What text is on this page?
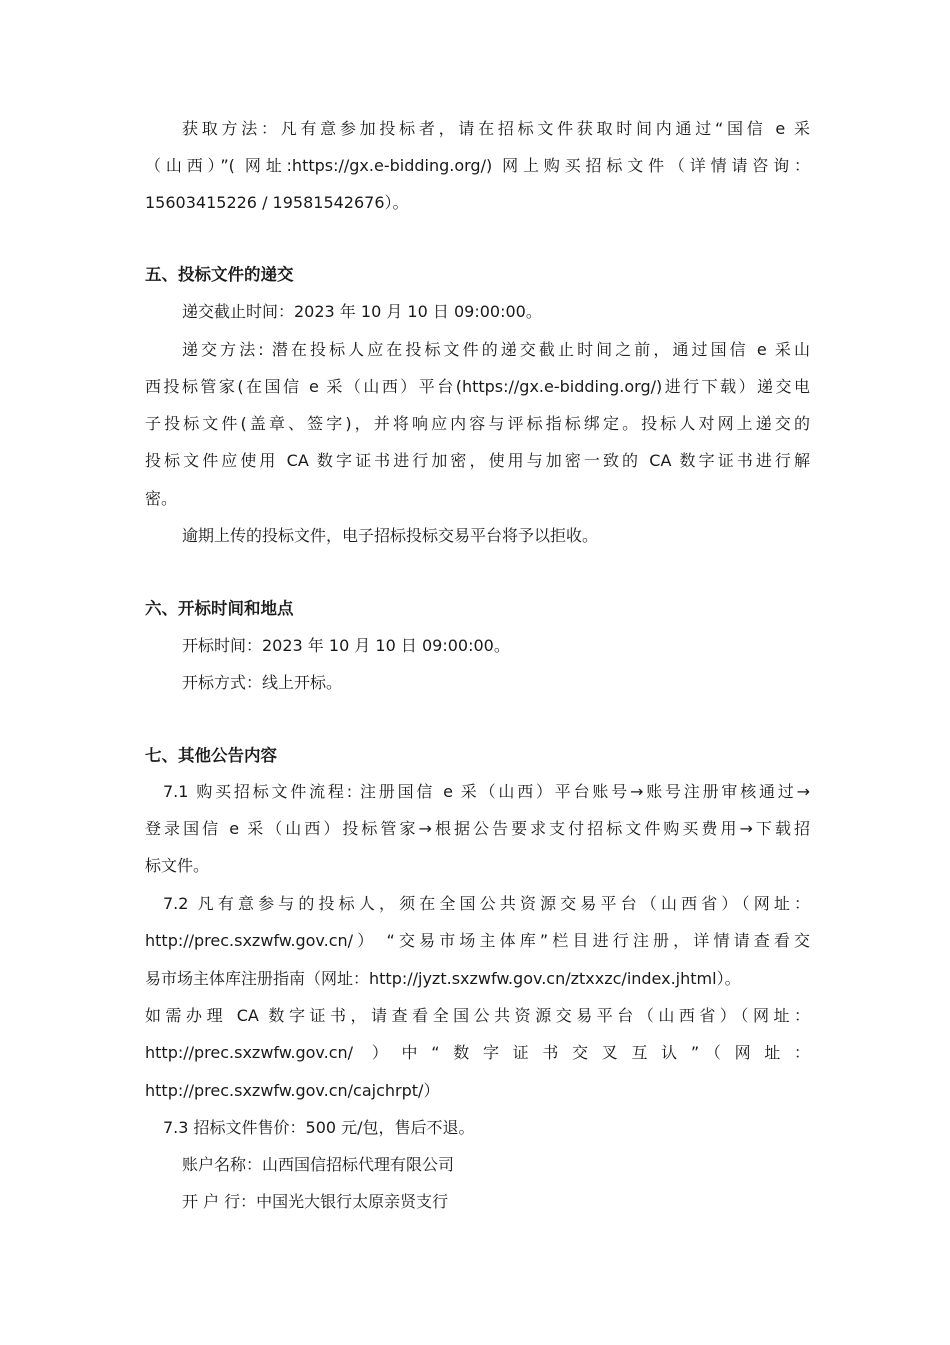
获取方法：凡有意参加投标者，请在招标文件获取时间内通过“国信 e 采
（山西）”( 网址:https://gx.e-bidding.org/) 网上购买招标文件（详情请咨询：
15603415226 / 19581542676）。
五、投标文件的递交
递交截止时间：2023 年 10 月 10 日 09:00:00。
递交方法: 潜在投标人应在投标文件的递交截止时间之前，通过国信 e 采山
西投标管家(在国信 e 采（山西）平台(https://gx.e-bidding.org/)进行下载）递交电
子投标文件(盖章、签字)，并将响应内容与评标指标绑定。投标人对网上递交的
投标文件应使用 CA 数字证书进行加密，使用与加密一致的 CA 数字证书进行解
密。
逾期上传的投标文件，电子招标投标交易平台将予以拒收。
六、开标时间和地点
开标时间：2023 年 10 月 10 日 09:00:00。
开标方式：线上开标。
七、其他公告内容
7.1 购买招标文件流程: 注册国信 e 采（山西）平台账号→账号注册审核通过→
登录国信 e 采（山西）投标管家→根据公告要求支付招标文件购买费用→下载招
标文件。
7.2 凡有意参与的投标人，须在全国公共资源交易平台（山西省）（网址：
http://prec.sxzwfw.gov.cn/） “交易市场主体库”栏目进行注册，详情请查看交
易市场主体库注册指南（网址：http://jyzt.sxzwfw.gov.cn/ztxxzc/index.jhtml）。
如需办理 CA 数字证书，请查看全国公共资源交易平台（山西省）（网址：
http://prec.sxzwfw.gov.cn/ ）中“数字证书交叉互认”（网址：
http://prec.sxzwfw.gov.cn/cajchrpt/）
7.3 招标文件售价：500 元/包，售后不退。
账户名称：山西国信招标代理有限公司
开 户 行：中国光大银行太原亲贤支行
